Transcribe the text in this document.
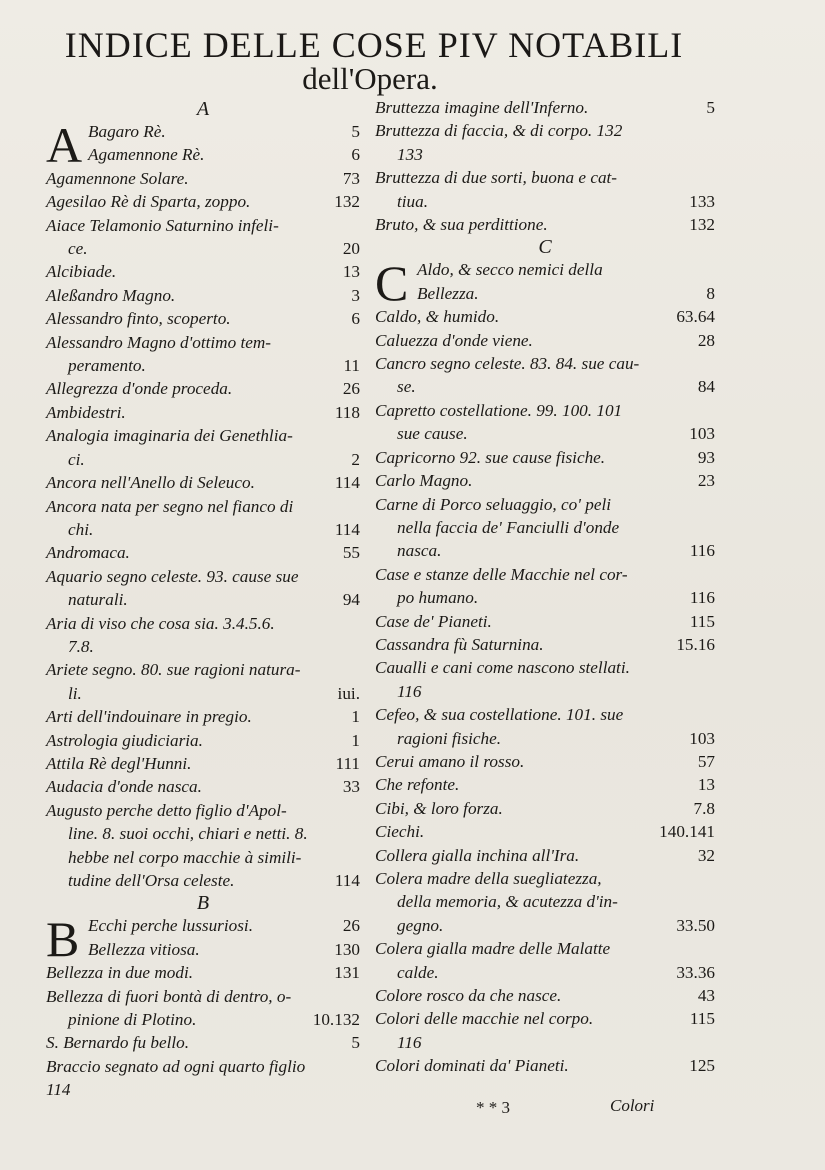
INDICE DELLE COSE PIV NOTABILI
dell'Opera.
A
A Bagaro Rè.	5
Agamennone Rè.	6
Agamennone Solare.	73
Agesilao Rè di Sparta, zoppo.	132
Aiace Telamonio Saturnino infeli-
ce.	20
Alcibiade.	13
Aleßandro Magno.	3
Alessandro finto, scoperto.	6
Alessandro Magno d'ottimo tem-
peramento.	11
Allegrezza d'onde proceda.	26
Ambidestri.	118
Analogia imaginaria dei Genethlia-
ci.	2
Ancora nell'Anello di Seleuco.	114
Ancora nata per segno nel fianco di
chi.	114
Andromaca.	55
Aquario segno celeste. 93. cause sue
naturali.	94
Aria di viso che cosa sia. 3.4.5.6.
7.8.
Ariete segno. 80. sue ragioni natura-
li.	iui.
Arti dell'indouinare in pregio.	1
Astrologia giudiciaria.	1
Attila Rè degl'Hunni.	111
Audacia d'onde nasca.	33
Augusto perche detto figlio d'Apol-
line. 8. suoi occhi, chiari e netti. 8.
hebbe nel corpo macchie à simili-
tudine dell'Orsa celeste.	114
B
B Ecchi perche lussuriosi.	26
Bellezza vitiosa.	130
Bellezza in due modi.	131
Bellezza di fuori bontà di dentro, o-
pinione di Plotino.	10.132
S. Bernardo fu bello.	5
Braccio segnato ad ogni quarto figlio
114
Bruttezza imagine dell'Inferno.	5
Bruttezza di faccia, & di corpo. 132
133
Bruttezza di due sorti, buona e cat-
tiua.	133
Bruto, & sua perdittione.	132
C
C Aldo, & secco nemici della
Bellezza.	8
Caldo, & humido.	63.64
Caluezza d'onde viene.	28
Cancro segno celeste. 83. 84. sue cau-
se.	84
Capretto costellatione. 99. 100. 101
sue cause.	103
Capricorno 92. sue cause fisiche.	93
Carlo Magno.	23
Carne di Porco seluaggio, co' peli
nella faccia de' Fanciulli d'onde
nasca.	116
Case e stanze delle Macchie nel cor-
po humano.	116
Case de' Pianeti.	115
Cassandra fù Saturnina.	15.16
Caualli e cani come nascono stellati.
116
Cefeo, & sua costellatione. 101. sue
ragioni fisiche.	103
Cerui amano il rosso.	57
Che refonte.	13
Cibi, & loro forza.	7.8
Ciechi.	140.141
Collera gialla inchina all'Ira.	32
Colera madre della suegliatezza,
della memoria, & acutezza d'in-
gegno.	33.50
Colera gialla madre delle Malatte
calde.	33.36
Colore rosco da che nasce.	43
Colori delle macchie nel corpo.	115
116
Colori dominati da' Pianeti.	125
* * 3	Colori
